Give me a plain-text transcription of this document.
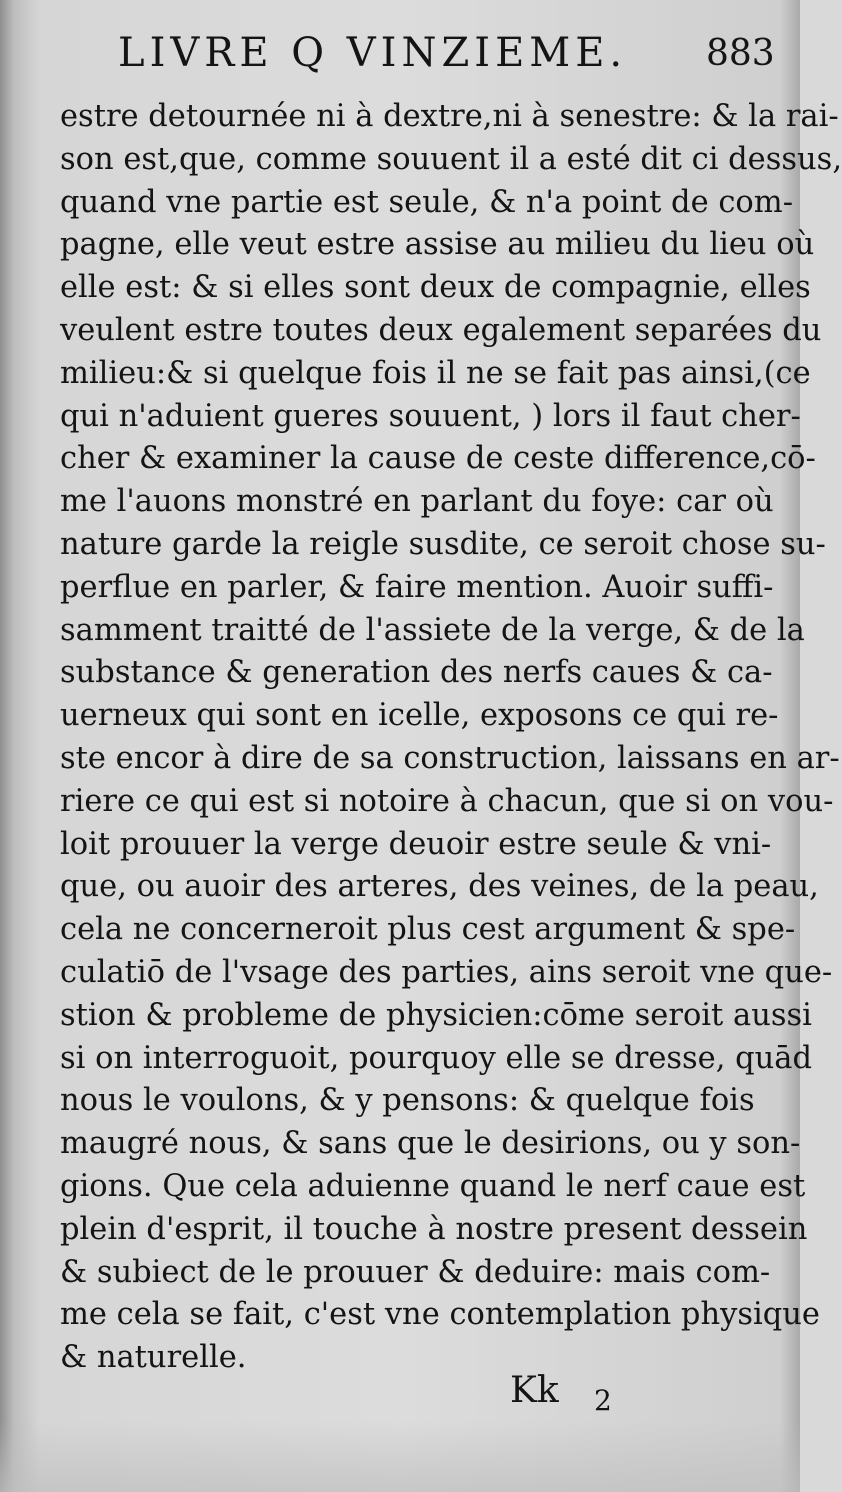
LIVRE Q VINZIEME. 883
estre detournée ni à dextre,ni à senestre: & la rai-
son est,que, comme souuent il a esté dit ci dessus,
quand vne partie est seule, & n'a point de com-
pagne, elle veut estre assise au milieu du lieu où
elle est: & si elles sont deux de compagnie, elles
veulent estre toutes deux egalement separées du
milieu:& si quelque fois il ne se fait pas ainsi,(ce
qui n'aduient gueres souuent, ) lors il faut cher-
cher & examiner la cause de ceste difference,cō-
me l'auons monstré en parlant du foye: car où
nature garde la reigle susdite, ce seroit chose su-
perflue en parler, & faire mention. Auoir suffi-
samment traitté de l'assiete de la verge, & de la
substance & generation des nerfs caues & ca-
uerneux qui sont en icelle, exposons ce qui re-
ste encor à dire de sa construction, laissans en ar-
riere ce qui est si notoire à chacun, que si on vou-
loit prouuer la verge deuoir estre seule & vni-
que, ou auoir des arteres, des veines, de la peau,
cela ne concerneroit plus cest argument & spe-
culatiō de l'vsage des parties, ains seroit vne que-
stion & probleme de physicien:cōme seroit aussi
si on interroguoit, pourquoy elle se dresse, quād
nous le voulons, & y pensons: & quelque fois
maugré nous, & sans que le desirions, ou y son-
gions. Que cela aduienne quand le nerf caue est
plein d'esprit, il touche à nostre present dessein
& subiect de le prouuer & deduire: mais com-
me cela se fait, c'est vne contemplation physique
& naturelle.
Kk 2
